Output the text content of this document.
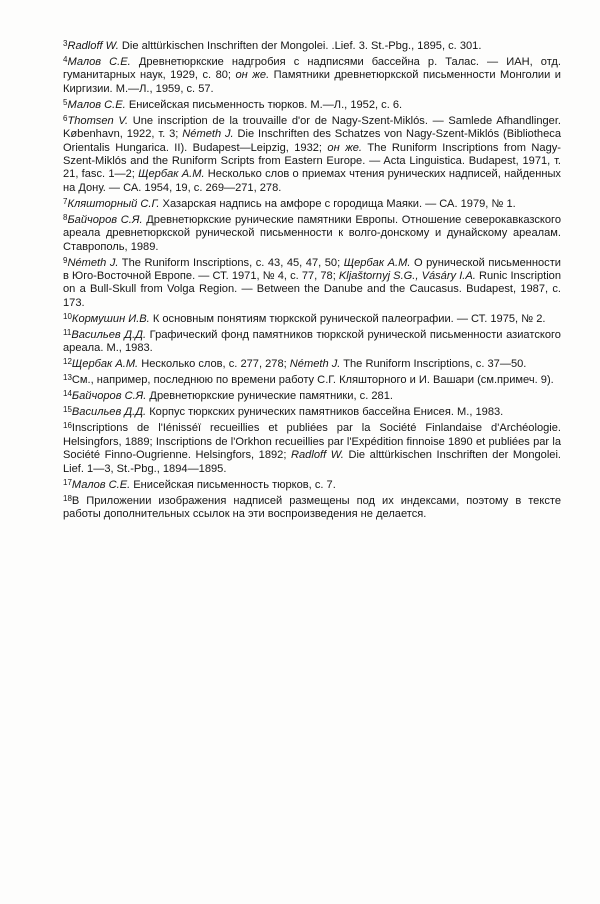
$^3$Radloff W. Die alttürkischen Inschriften der Mongolei. .Lief. 3. St.-Pbg., 1895, c. 301.

$^4$Малов С.Е. Древнетюркские надгробия с надписями бассейна р. Талас. — ИАН, отд. гуманитарных наук, 1929, с. 80; он же. Памятники древнетюркской письменности Монголии и Киргизии. М.—Л., 1959, с. 57.

$^5$Малов С.Е. Енисейская письменность тюрков. М.—Л., 1952, с. 6.

$^6$Thomsen V. Une inscription de la trouvaille d'or de Nagy-Szent-Miklós. — Samlede Afhandlinger. København, 1922, т. 3; Németh J. Die Inschriften des Schatzes von Nagy-Szent-Miklós (Bibliotheca Orientalis Hungarica. II). Budapest—Leipzig, 1932; он же. The Runiform Inscriptions from Nagy-Szent-Miklós and the Runiform Scripts from Eastern Europe. — Acta Linguistica. Budapest, 1971, т. 21, fasc. 1—2; Щербак А.М. Несколько слов о приемах чтения рунических надписей, найденных на Дону. — СА. 1954, 19, с. 269—271, 278.

$^7$Кляшторный С.Г. Хазарская надпись на амфоре с городища Маяки. — СА. 1979, № 1.

$^8$Байчоров С.Я. Древнетюркские рунические памятники Европы. Отношение северокавказского ареала древнетюркской рунической письменности к волго-донскому и дунайскому ареалам. Ставрополь, 1989.

$^9$Németh J. The Runiform Inscriptions, c. 43, 45, 47, 50; Щербак А.М. О рунической письменности в Юго-Восточной Европе. — СТ. 1971, № 4, с. 77, 78; Kljaštornyj S.G., Vásáry I.A. Runic Inscription on a Bull-Skull from Volga Region. — Between the Danube and the Caucasus. Budapest, 1987, c. 173.

$^{10}$Кормушин И.В. К основным понятиям тюркской рунической палеографии. — СТ. 1975, № 2.

$^{11}$Васильев Д.Д. Графический фонд памятников тюркской рунической письменности азиатского ареала. М., 1983.

$^{12}$Щербак А.М. Несколько слов, с. 277, 278; Németh J. The Runiform Inscriptions, с. 37—50.

$^{13}$См., например, последнюю по времени работу С.Г. Кляшторного и И. Вашари (см.примеч. 9).

$^{14}$Байчоров С.Я. Древнетюркские рунические памятники, с. 281.

$^{15}$Васильев Д.Д. Корпус тюркских рунических памятников бассейна Енисея. М., 1983.

$^{16}$Inscriptions de l'Iénisséï recueillies et publiées par la Société Finlandaise d'Archéologie. Helsingfors, 1889; Inscriptions de l'Orkhon recueillies par l'Expédition finnoise 1890 et publiées par la Société Finno-Ougrienne. Helsingfors, 1892; Radloff W. Die alttürkischen Inschriften der Mongolei. Lief. 1—3, St.-Pbg., 1894—1895.

$^{17}$Малов С.Е. Енисейская письменность тюрков, с. 7.

$^{18}$В Приложении изображения надписей размещены под их индексами, поэтому в тексте работы дополнительных ссылок на эти воспроизведения не делается.
